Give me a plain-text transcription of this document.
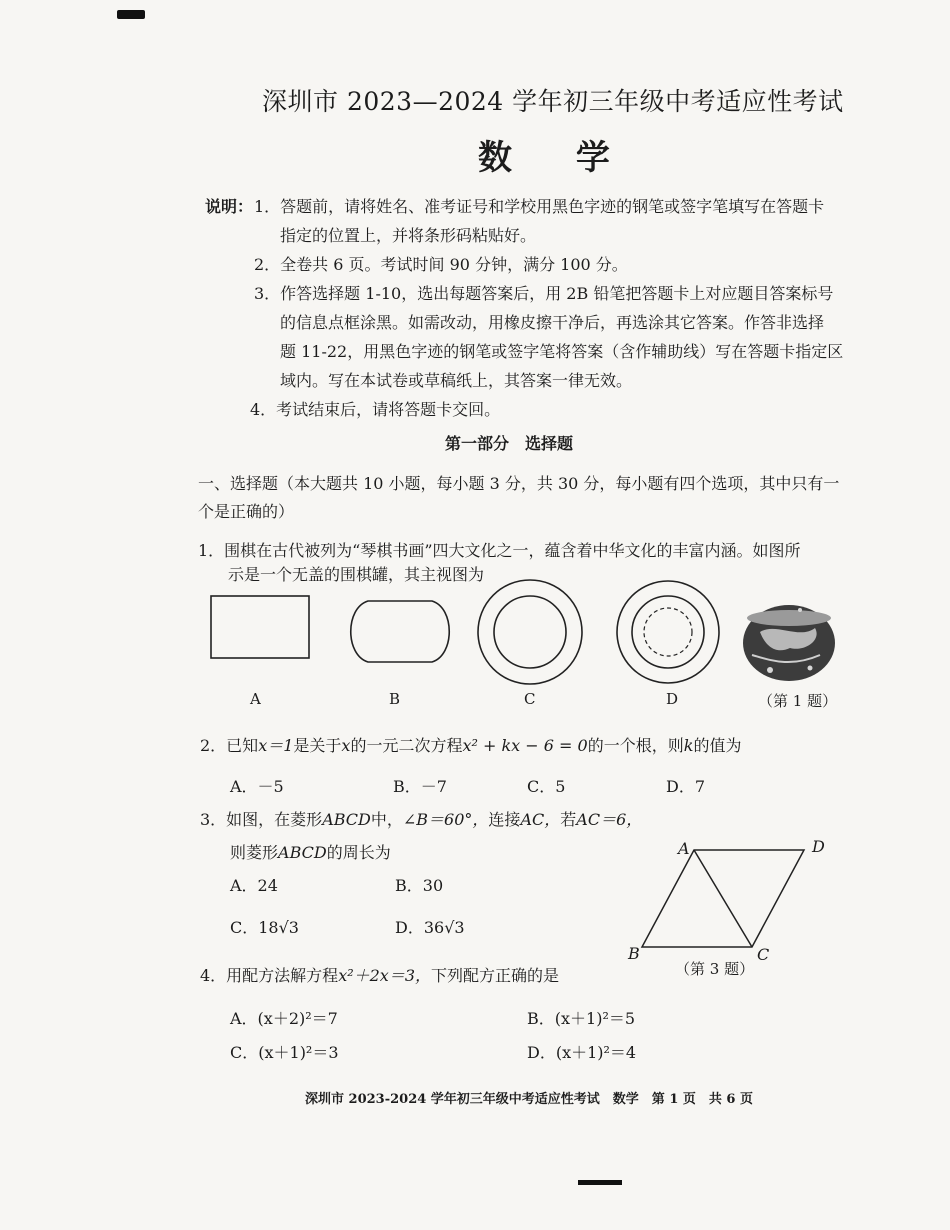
深圳市 2023—2024 学年初三年级中考适应性考试
数 学
说明： 1．答题前，请将姓名、准考证号和学校用黑色字迹的钢笔或签字笔填写在答题卡
指定的位置上，并将条形码粘贴好。
2．全卷共 6 页。考试时间 90 分钟，满分 100 分。
3．作答选择题 1-10，选出每题答案后，用 2B 铅笔把答题卡上对应题目答案标号
的信息点框涂黑。如需改动，用橡皮擦干净后，再选涂其它答案。作答非选择
题 11-22，用黑色字迹的钢笔或签字笔将答案（含作辅助线）写在答题卡指定区
域内。写在本试卷或草稿纸上，其答案一律无效。
4．考试结束后，请将答题卡交回。
第一部分　选择题
一、选择题（本大题共 10 小题，每小题 3 分，共 30 分，每小题有四个选项，其中只有一
个是正确的）
1．围棋在古代被列为“琴棋书画”四大文化之一，蕴含着中华文化的丰富内涵。如图所
示是一个无盖的围棋罐，其主视图为
A	B	C	D	（第 1 题）
2．已知x＝1是关于x的一元二次方程x² + kx − 6 = 0的一个根，则k的值为
A．－5	B．－7	C．5	D．7
3．如图，在菱形ABCD中，∠B＝60°，连接AC，若AC＝6，
则菱形ABCD的周长为
A．24	B．30
C．18√3	D．36√3
A	D
B	C
（第 3 题）
4．用配方法解方程x²＋2x＝3，下列配方正确的是
A．(x＋2)²＝7	B．(x＋1)²＝5
C．(x＋1)²＝3	D．(x＋1)²＝4
深圳市 2023-2024 学年初三年级中考适应性考试　数学　第 1 页　共 6 页
